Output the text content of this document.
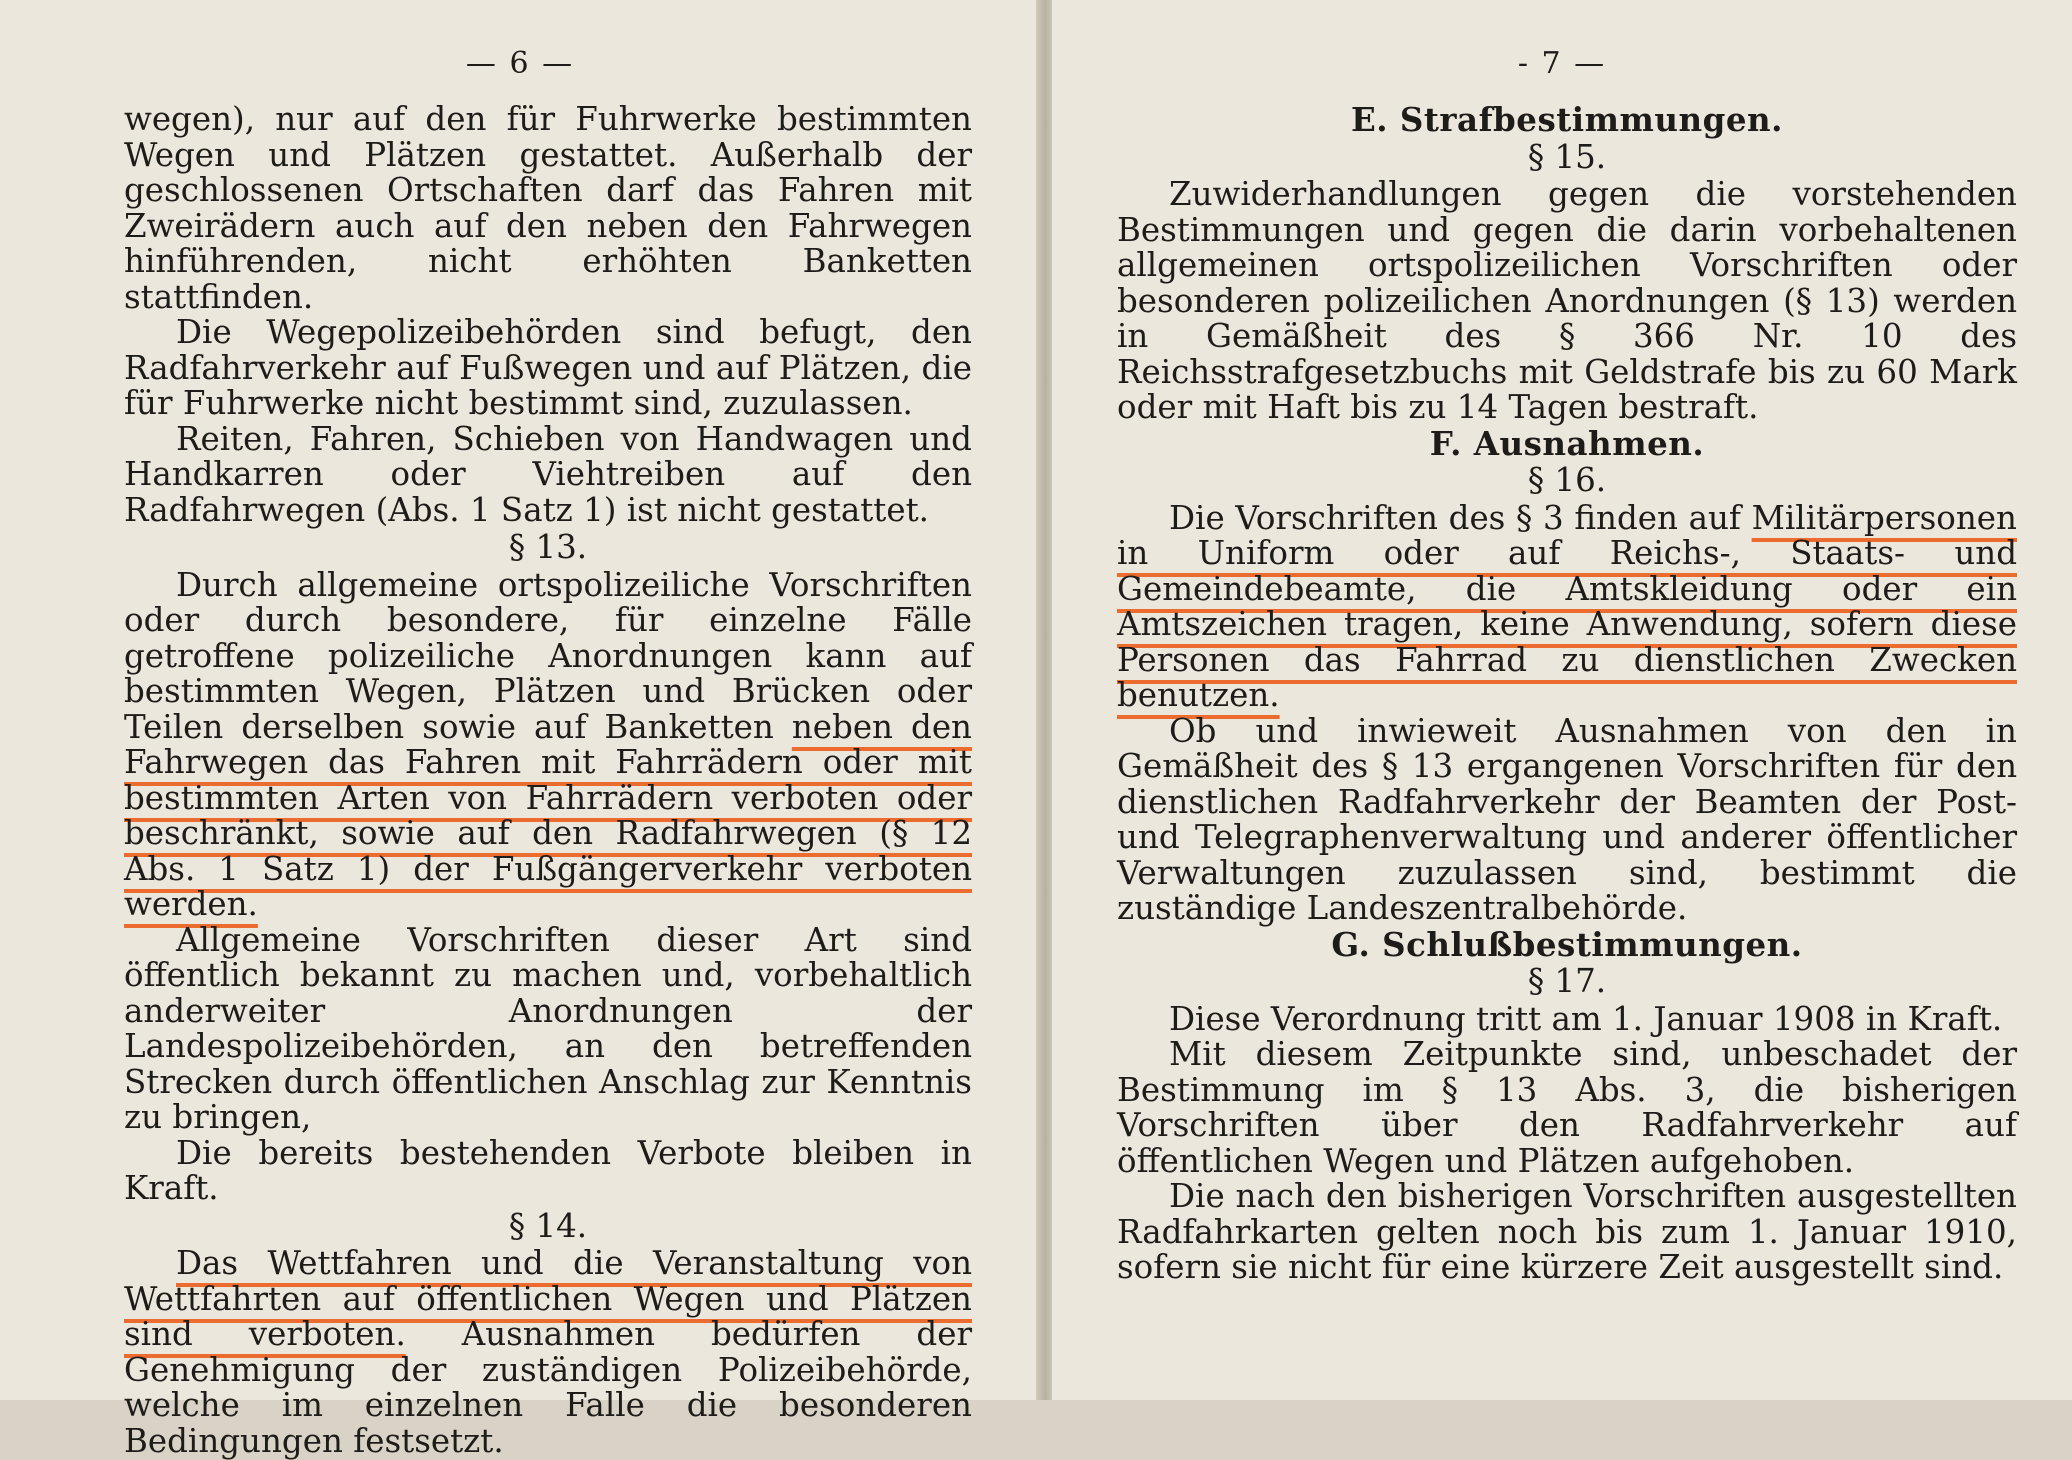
— 6 —

wegen), nur auf den für Fuhrwerke bestimmten Wegen und Plätzen gestattet. Außerhalb der geschlossenen Ortschaften darf das Fahren mit Zweirädern auch auf den neben den Fahrwegen hinführenden, nicht erhöhten Banketten stattfinden.

Die Wegepolizeibehörden sind befugt, den Radfahrverkehr auf Fußwegen und auf Plätzen, die für Fuhrwerke nicht bestimmt sind, zuzulassen.

Reiten, Fahren, Schieben von Handwagen und Handkarren oder Viehtreiben auf den Radfahrwegen (Abs. 1 Satz 1) ist nicht gestattet.

§ 13.

Durch allgemeine ortspolizeiliche Vorschriften oder durch besondere, für einzelne Fälle getroffene polizeiliche Anordnungen kann auf bestimmten Wegen, Plätzen und Brücken oder Teilen derselben sowie auf Banketten neben den Fahrwegen das Fahren mit Fahrrädern oder mit bestimmten Arten von Fahrrädern verboten oder beschränkt, sowie auf den Radfahrwegen (§ 12 Abs. 1 Satz 1) der Fußgängerverkehr verboten werden.

Allgemeine Vorschriften dieser Art sind öffentlich bekannt zu machen und, vorbehaltlich anderweiter Anordnungen der Landespolizeibehörden, an den betreffenden Strecken durch öffentlichen Anschlag zur Kenntnis zu bringen,

Die bereits bestehenden Verbote bleiben in Kraft.

§ 14.

Das Wettfahren und die Veranstaltung von Wettfahrten auf öffentlichen Wegen und Plätzen sind verboten. Ausnahmen bedürfen der Genehmigung der zuständigen Polizeibehörde, welche im einzelnen Falle die besonderen Bedingungen festsetzt.

- 7 —
E. Strafbestimmungen.
§ 15.

Zuwiderhandlungen gegen die vorstehenden Bestimmungen und gegen die darin vorbehaltenen allgemeinen ortspolizeilichen Vorschriften oder besonderen polizeilichen Anordnungen (§ 13) werden in Gemäßheit des § 366 Nr. 10 des Reichsstrafgesetzbuchs mit Geldstrafe bis zu 60 Mark oder mit Haft bis zu 14 Tagen bestraft.

F. Ausnahmen.
§ 16.

Die Vorschriften des § 3 finden auf Militärpersonen in Uniform oder auf Reichs-, Staats- und Gemeindebeamte, die Amtskleidung oder ein Amtszeichen tragen, keine Anwendung, sofern diese Personen das Fahrrad zu dienstlichen Zwecken benutzen.

Ob und inwieweit Ausnahmen von den in Gemäßheit des § 13 ergangenen Vorschriften für den dienstlichen Radfahrverkehr der Beamten der Post- und Telegraphenverwaltung und anderer öffentlicher Verwaltungen zuzulassen sind, bestimmt die zuständige Landeszentralbehörde.

G. Schlußbestimmungen.
§ 17.

Diese Verordnung tritt am 1. Januar 1908 in Kraft.

Mit diesem Zeitpunkte sind, unbeschadet der Bestimmung im § 13 Abs. 3, die bisherigen Vorschriften über den Radfahrverkehr auf öffentlichen Wegen und Plätzen aufgehoben.

Die nach den bisherigen Vorschriften ausgestellten Radfahrkarten gelten noch bis zum 1. Januar 1910, sofern sie nicht für eine kürzere Zeit ausgestellt sind.
